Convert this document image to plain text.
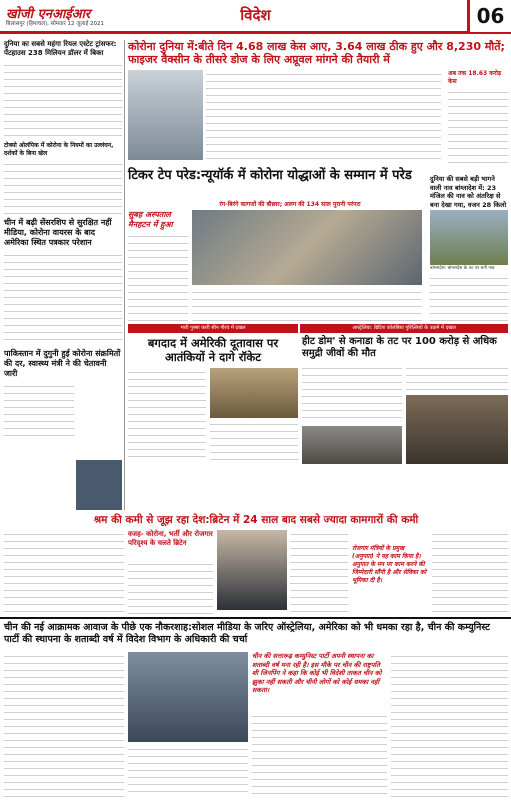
खोजी एनआईआर
बिलासपुर (हिमाचल), सोमवार 12 जुलाई 2021	विदेश	06
दुनिया का सबसे महंगा रियल एस्टेट ट्रांसफर: पेंटहाउस 238 मिलियन डॉलर में बिका
टोक्यो ओलंपिक में कोरोना के नियमों का उल्लंघन, दर्शकों के बिना खेल
चीन में बढ़ी सेंसरशिप से सुरक्षित नहीं मीडिया, कोरोना वायरस के बाद अमेरिका स्थित पत्रकार परेशान
पाकिस्तान में दुगुनी हुई कोरोना संक्रमितों की दर, स्वास्थ्य मंत्री ने की चेतावनी जारी
कोरोना दुनिया में:बीते दिन 4.68 लाख केस आए, 3.64 लाख ठीक हुए और 8,230 मौतें; फाइजर वैक्सीन के तीसरे डोज के लिए अप्रूवल मांगने की तैयारी में
अब तक 18.63 करोड़ केस
टिकर टेप परेड:न्यूयॉर्क में कोरोना योद्धाओं के सम्मान में परेड
रंग-बिरंगे कागजों की बौछार; अलग की 134 साल पुरानी परंपरा
सुबह अस्पताल मैनहटन में हुआ
दुनिया की सबसे बड़ी भागने वाली नाव बांग्लादेश में: 23 मंजिल की नाव को अंतरिक्ष से बना देखा गया, वजन 28 किलो
बांग्लादेश: बांग्लादेश के तट पर बनी नाव
भारी गुस्सा कारी सीन गौरव में दखल	आस्ट्रेलिया: ब्रिटिश कोलंबिया गुरिल्लियों के उठाने में दखल
बगदाद में अमेरिकी दूतावास पर आतंकियों ने दागे रॉकेट
हीट डोम' से कनाडा के तट पर 100 करोड़ से अधिक समुद्री जीवों की मौत
श्रम की कमी से जूझ रहा देश:ब्रिटेन में 24 साल बाद सबसे ज्यादा कामगारों की कमी
वजह- कोरोना, भर्ती और रोजगार परिदृश्य के चलते ब्रिटेन
रोजगार मंत्रियों के प्रमुख (अनुपात) ने यह काम किया है। अनुपात के मन पर काम करने की जिम्मेदारी सौंपी है और सेविका को भूमिका दी है।
चीन की नई आक्रामक आवाज के पीछे एक नौकरशाह:सोशल मीडिया के जरिए ऑस्ट्रेलिया, अमेरिका को भी धमका रहा है, चीन की कम्युनिस्ट पार्टी की स्थापना के शताब्दी वर्ष में विदेश विभाग के अधिकारी की चर्चा
चीन की सत्तारूढ़ कम्युनिस्ट पार्टी अपनी स्थापना का शताब्दी वर्ष मना रही है। इस मौके पर चीन की राष्ट्रपति शी जिनपिंग ने कहा कि कोई भी विदेशी ताकत चीन को झुका नहीं सकती और चीनी लोगों को कोई धमका नहीं सकता।
